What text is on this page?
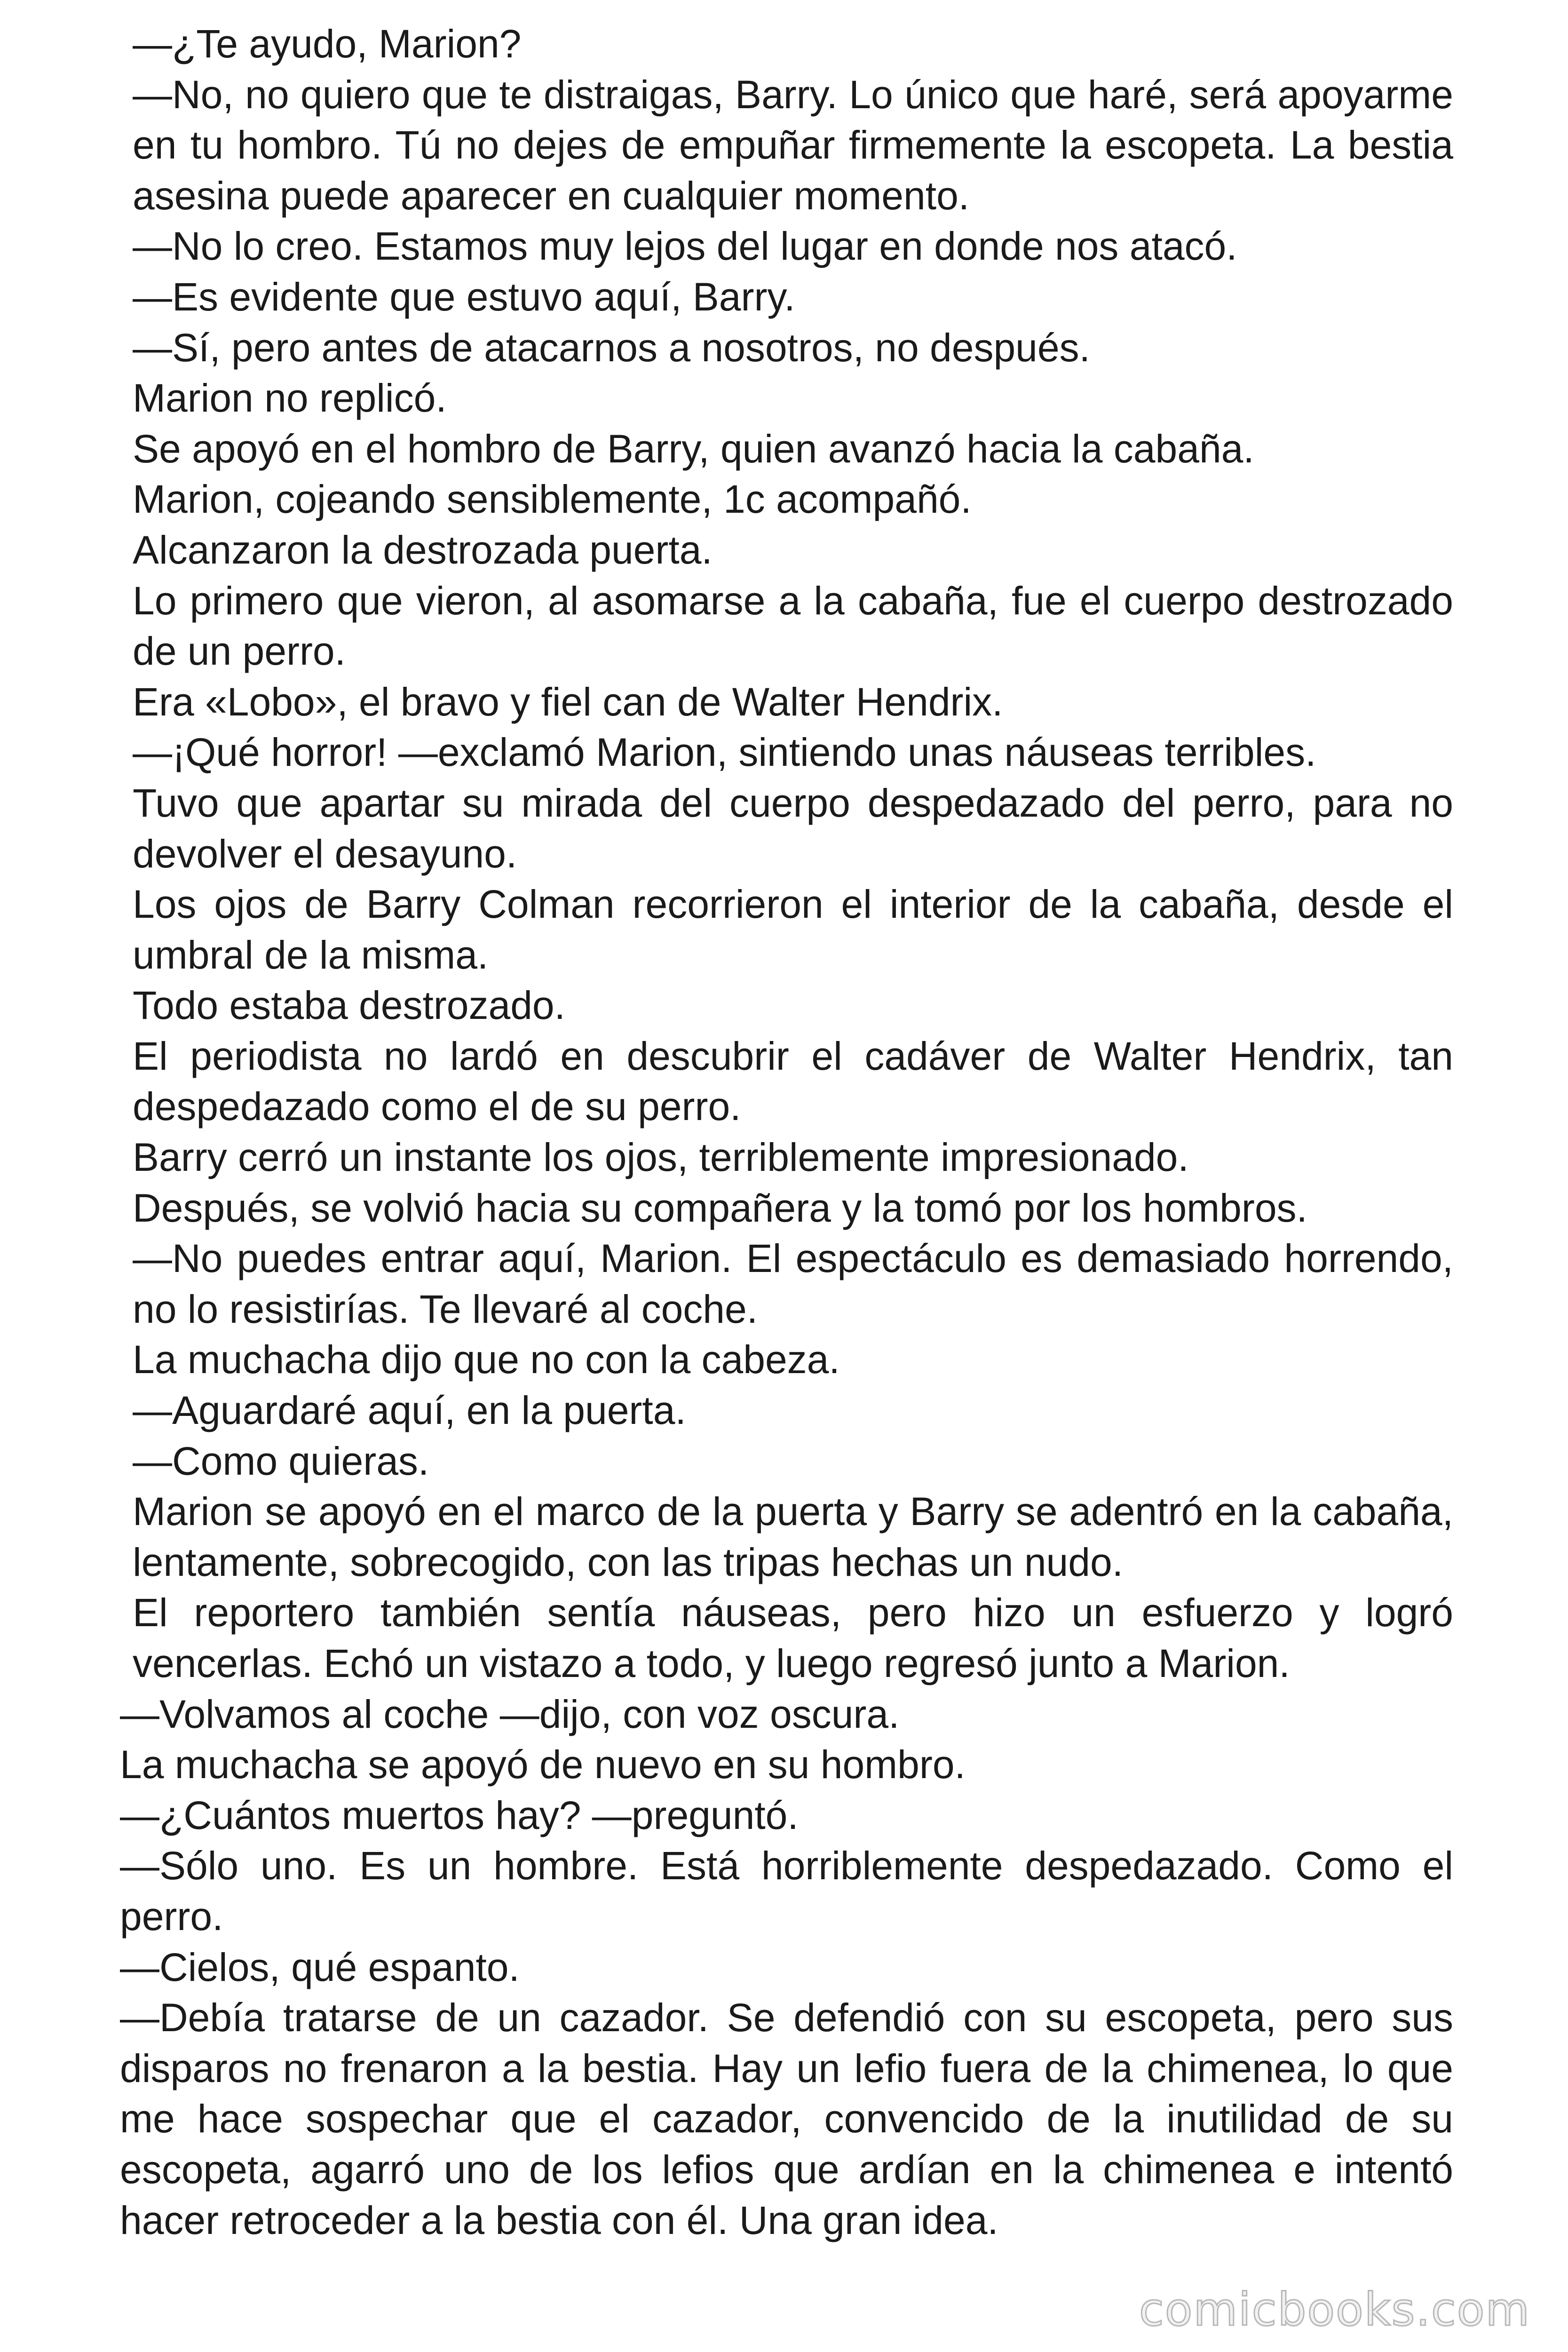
—¿Te ayudo, Marion?

—No, no quiero que te distraigas, Barry. Lo único que haré, será apoyarme en tu hombro. Tú no dejes de empuñar firmemente la escopeta. La bestia asesina puede aparecer en cualquier momento.

—No lo creo. Estamos muy lejos del lugar en donde nos atacó.

—Es evidente que estuvo aquí, Barry.

—Sí, pero antes de atacarnos a nosotros, no después.

Marion no replicó.

Se apoyó en el hombro de Barry, quien avanzó hacia la cabaña.

Marion, cojeando sensiblemente, 1c acompañó.

Alcanzaron la destrozada puerta.

Lo primero que vieron, al asomarse a la cabaña, fue el cuerpo destrozado de un perro.

Era «Lobo», el bravo y fiel can de Walter Hendrix.

—¡Qué horror! —exclamó Marion, sintiendo unas náuseas terribles.

Tuvo que apartar su mirada del cuerpo despedazado del perro, para no devolver el desayuno.

Los ojos de Barry Colman recorrieron el interior de la cabaña, desde el umbral de la misma.

Todo estaba destrozado.

El periodista no lardó en descubrir el cadáver de Walter Hendrix, tan despedazado como el de su perro.

Barry cerró un instante los ojos, terriblemente impresionado.

Después, se volvió hacia su compañera y la tomó por los hombros.

—No puedes entrar aquí, Marion. El espectáculo es demasiado horrendo, no lo resistirías. Te llevaré al coche.

La muchacha dijo que no con la cabeza.

—Aguardaré aquí, en la puerta.

—Como quieras.

Marion se apoyó en el marco de la puerta y Barry se adentró en la cabaña, lentamente, sobrecogido, con las tripas hechas un nudo.

El reportero también sentía náuseas, pero hizo un esfuerzo y logró vencerlas. Echó un vistazo a todo, y luego regresó junto a Marion.

—Volvamos al coche —dijo, con voz oscura.

La muchacha se apoyó de nuevo en su hombro.

—¿Cuántos muertos hay? —preguntó.

—Sólo uno. Es un hombre. Está horriblemente despedazado. Como el perro.

—Cielos, qué espanto.

—Debía tratarse de un cazador. Se defendió con su escopeta, pero sus disparos no frenaron a la bestia. Hay un lefio fuera de la chimenea, lo que me hace sospechar que el cazador, convencido de la inutilidad de su escopeta, agarró uno de los lefios que ardían en la chimenea e intentó hacer retroceder a la bestia con él. Una gran idea.

comicbooks.com
